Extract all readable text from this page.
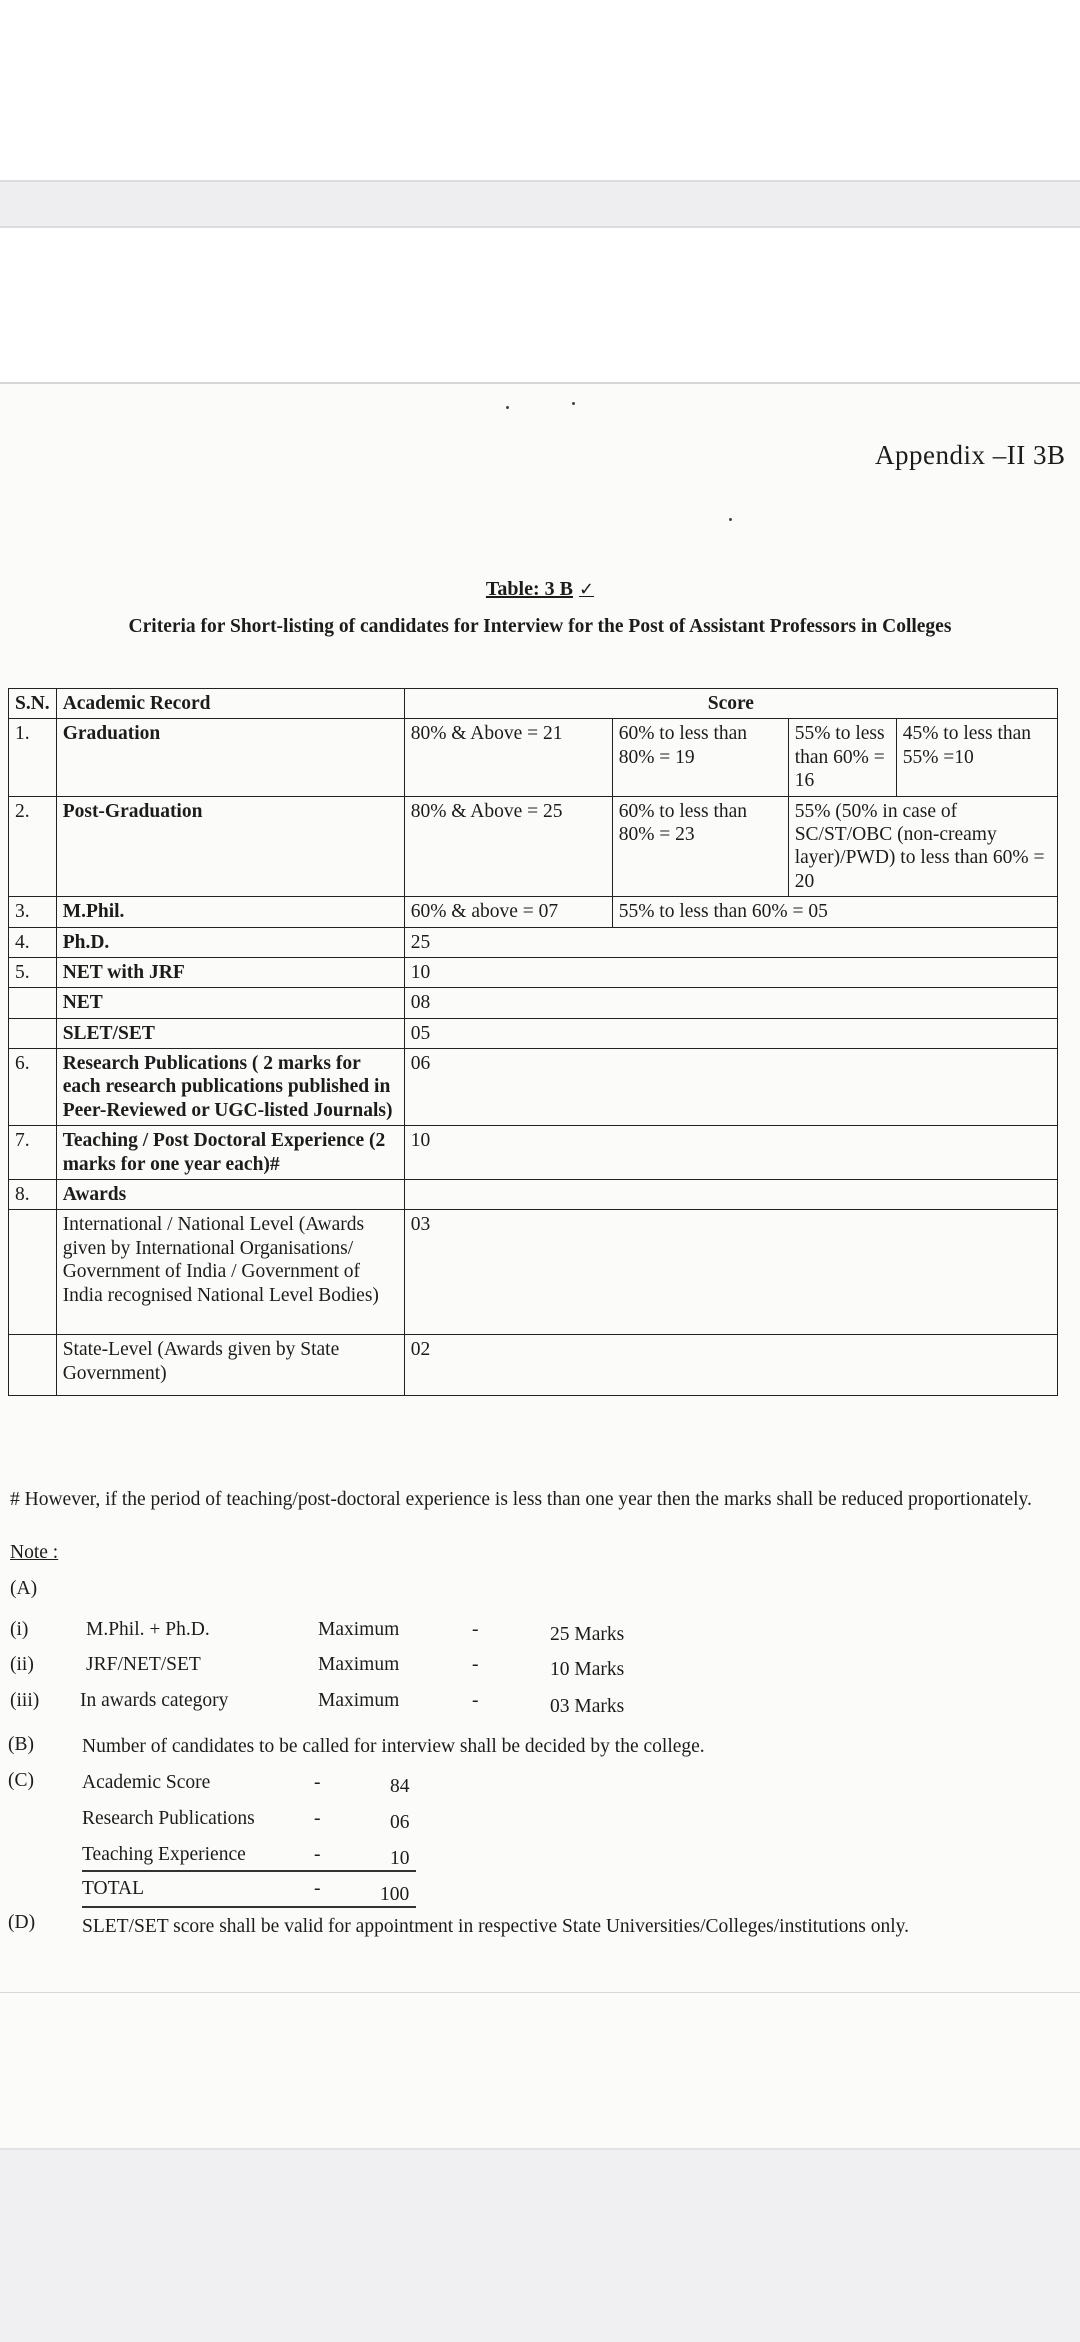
Appendix –II 3B
Table: 3 B ✓
Criteria for Short-listing of candidates for Interview for the Post of Assistant Professors in Colleges
S.N.	Academic Record	Score			
1.	Graduation	80% & Above = 21	60% to less than 80% = 19	55% to less than 60% = 16	45% to less than 55% =10
2.	Post-Graduation	80% & Above = 25	60% to less than 80% = 23	55% (50% in case of SC/ST/OBC (non-creamy layer)/PWD) to less than 60% = 20	
3.	M.Phil.	60% & above = 07	55% to less than 60% = 05		
4.	Ph.D.	25			
5.	NET with JRF	10			
	NET	08			
	SLET/SET	05			
6.	Research Publications ( 2 marks for each research publications published in Peer-Reviewed or UGC-listed Journals)	06			
7.	Teaching / Post Doctoral Experience (2 marks for one year each)#	10			
8.	Awards				
	International / National Level (Awards given by International Organisations/ Government of India / Government of India recognised National Level Bodies)	03			
	State-Level (Awards given by State Government)	02			
# However, if the period of teaching/post-doctoral experience is less than one year then the marks shall be reduced proportionately.
Note :
(A)
(i)	M.Phil. + Ph.D.	Maximum	-	25 Marks
(ii)	JRF/NET/SET	Maximum	-	10 Marks
(iii) In awards category	Maximum	-	03 Marks
(B) Number of candidates to be called for interview shall be decided by the college.
(C) Academic Score	-	84
Research Publications	-	06
Teaching Experience	-	10
TOTAL	-	100
(D) SLET/SET score shall be valid for appointment in respective State Universities/Colleges/institutions only.
